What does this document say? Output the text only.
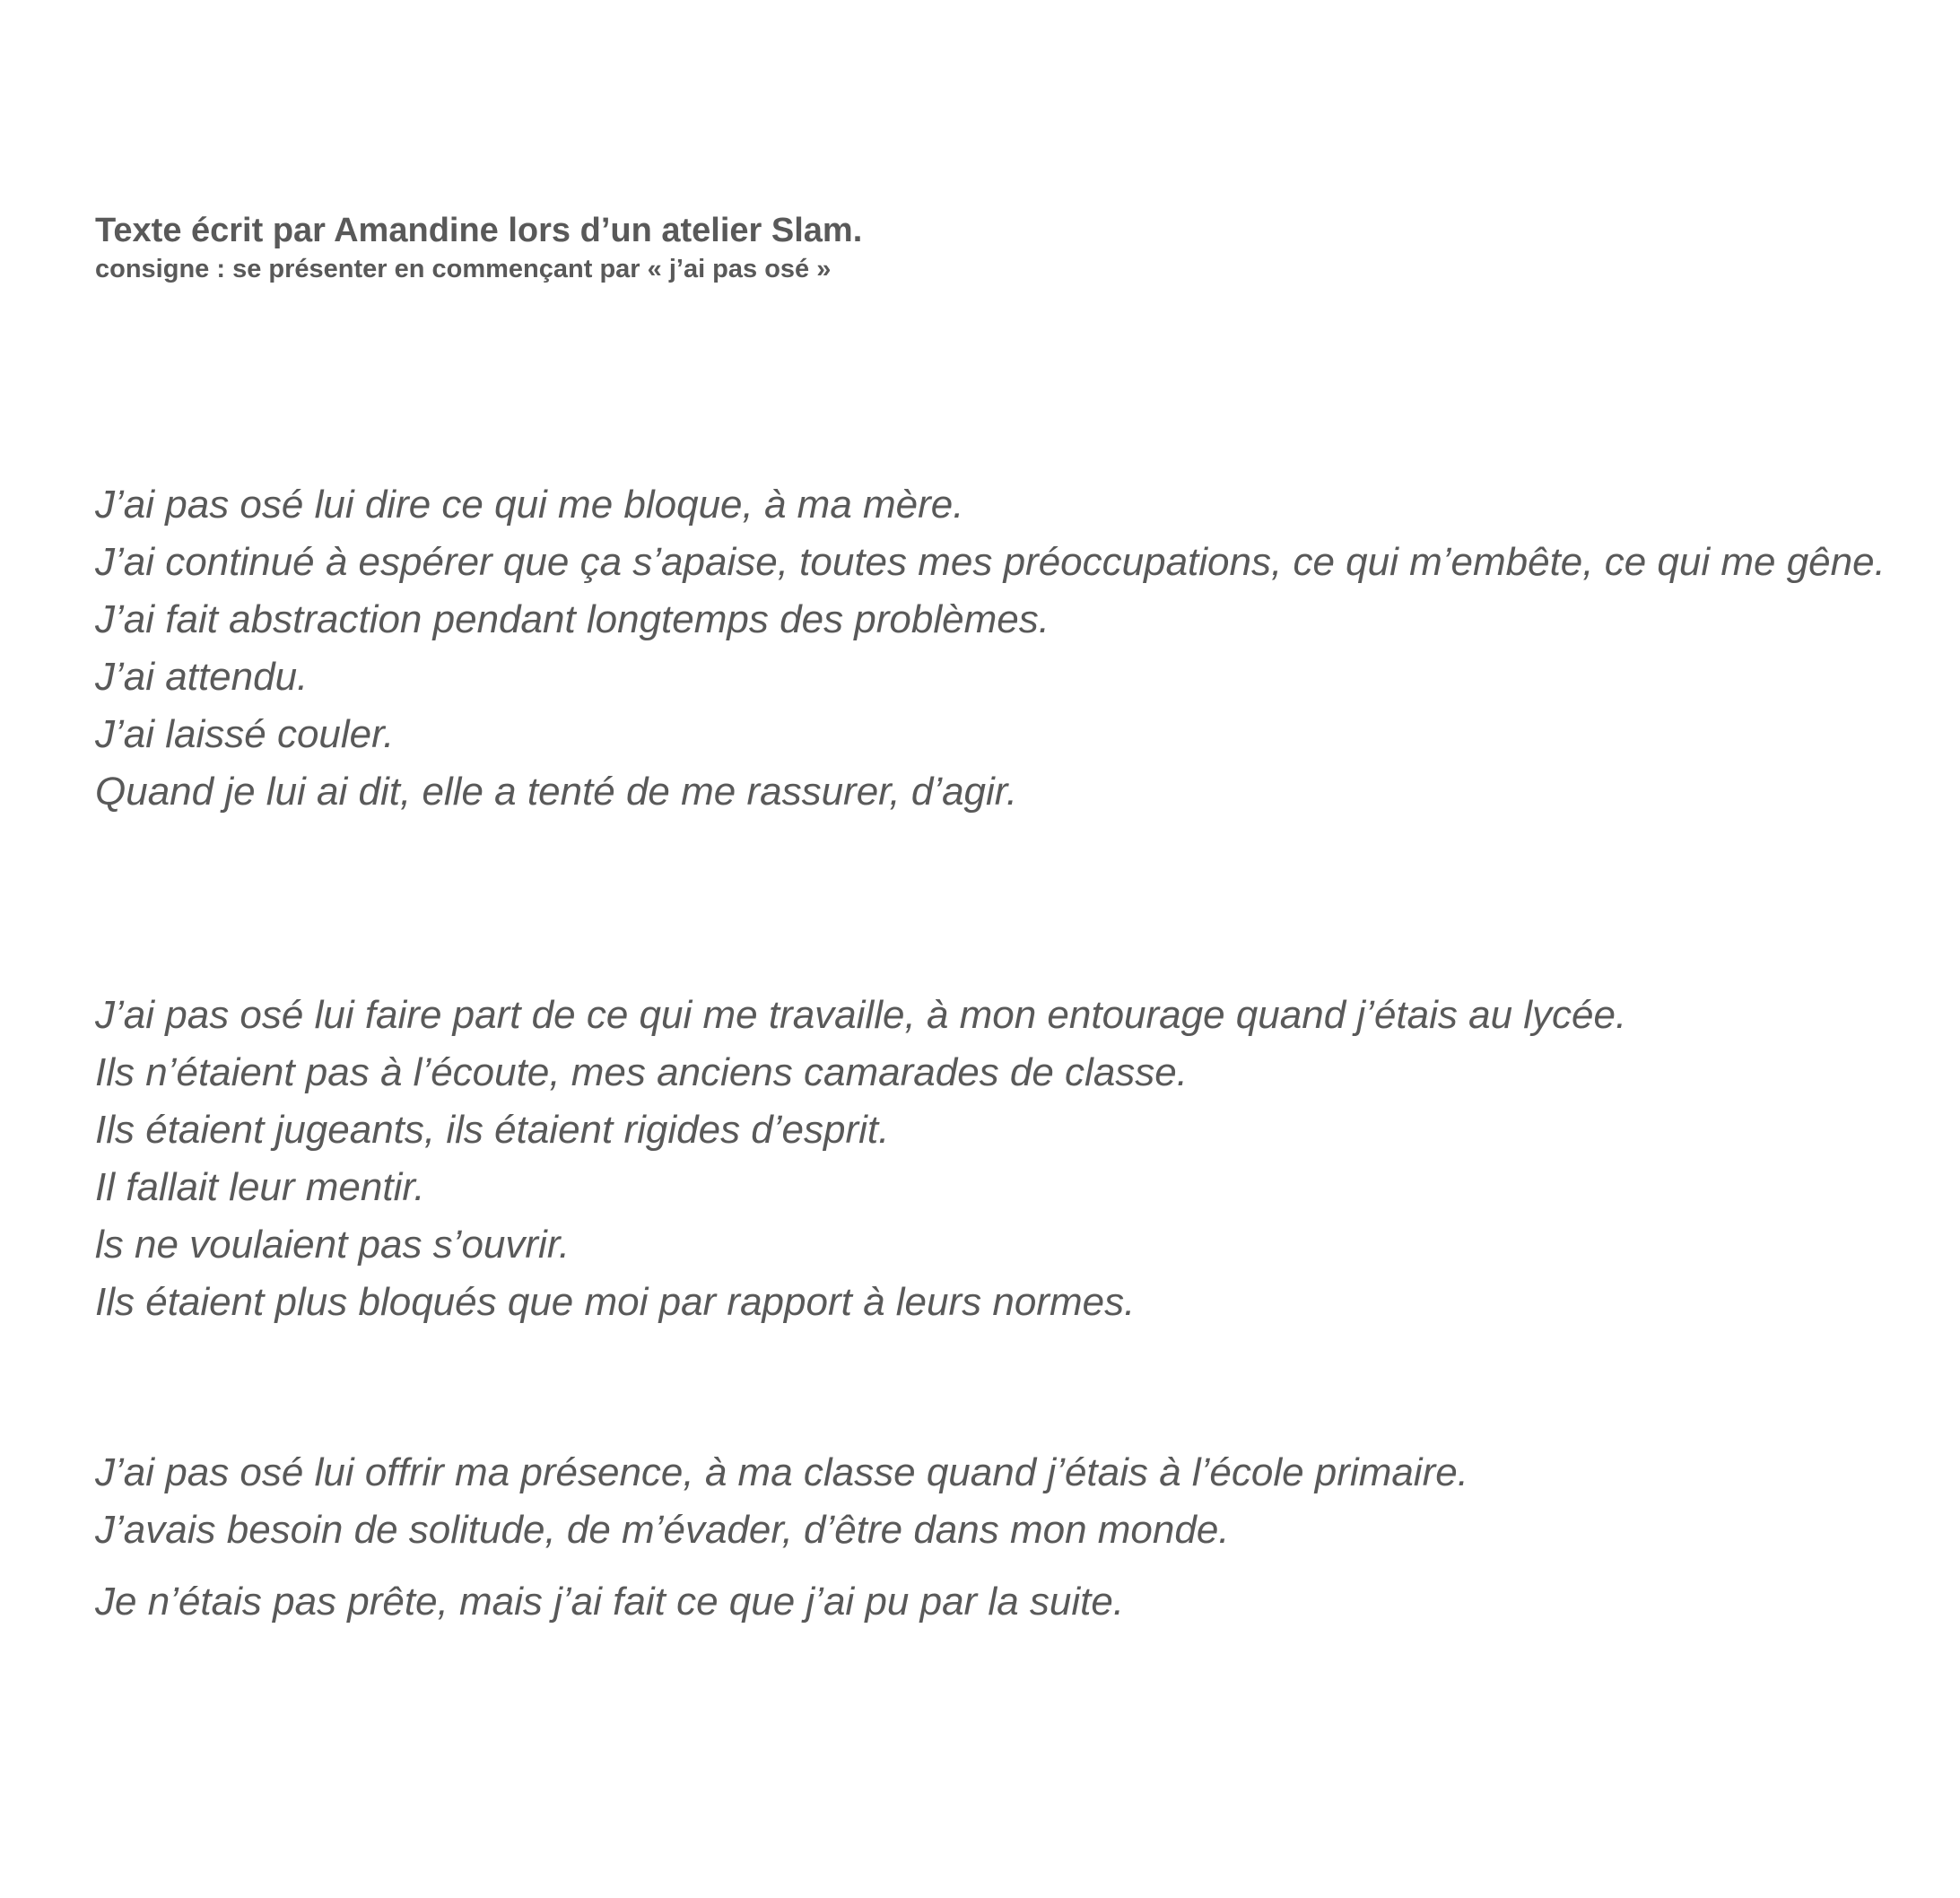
Texte écrit par Amandine lors d’un atelier Slam.
consigne : se présenter en commençant par « j’ai pas osé »
J’ai pas osé lui dire ce qui me bloque, à ma mère.
J’ai continué à espérer que ça s’apaise, toutes mes préoccupations, ce qui m’embête, ce qui me gêne.
J’ai fait abstraction pendant longtemps des problèmes.
J’ai attendu.
J’ai laissé couler.
Quand je lui ai dit, elle a tenté de me rassurer, d’agir.
J’ai pas osé lui faire part de ce qui me travaille, à mon entourage quand j’étais au lycée.
Ils n’étaient pas à l’écoute, mes anciens camarades de classe.
Ils étaient jugeants, ils étaient rigides d’esprit.
Il fallait leur mentir.
ls ne voulaient pas s’ouvrir.
Ils étaient plus bloqués que moi par rapport à leurs normes.
J’ai pas osé lui offrir ma présence, à ma classe quand j’étais à l’école primaire.
J’avais besoin de solitude, de m’évader, d’être dans mon monde.
Je n’étais pas prête, mais j’ai fait ce que j’ai pu par la suite.
